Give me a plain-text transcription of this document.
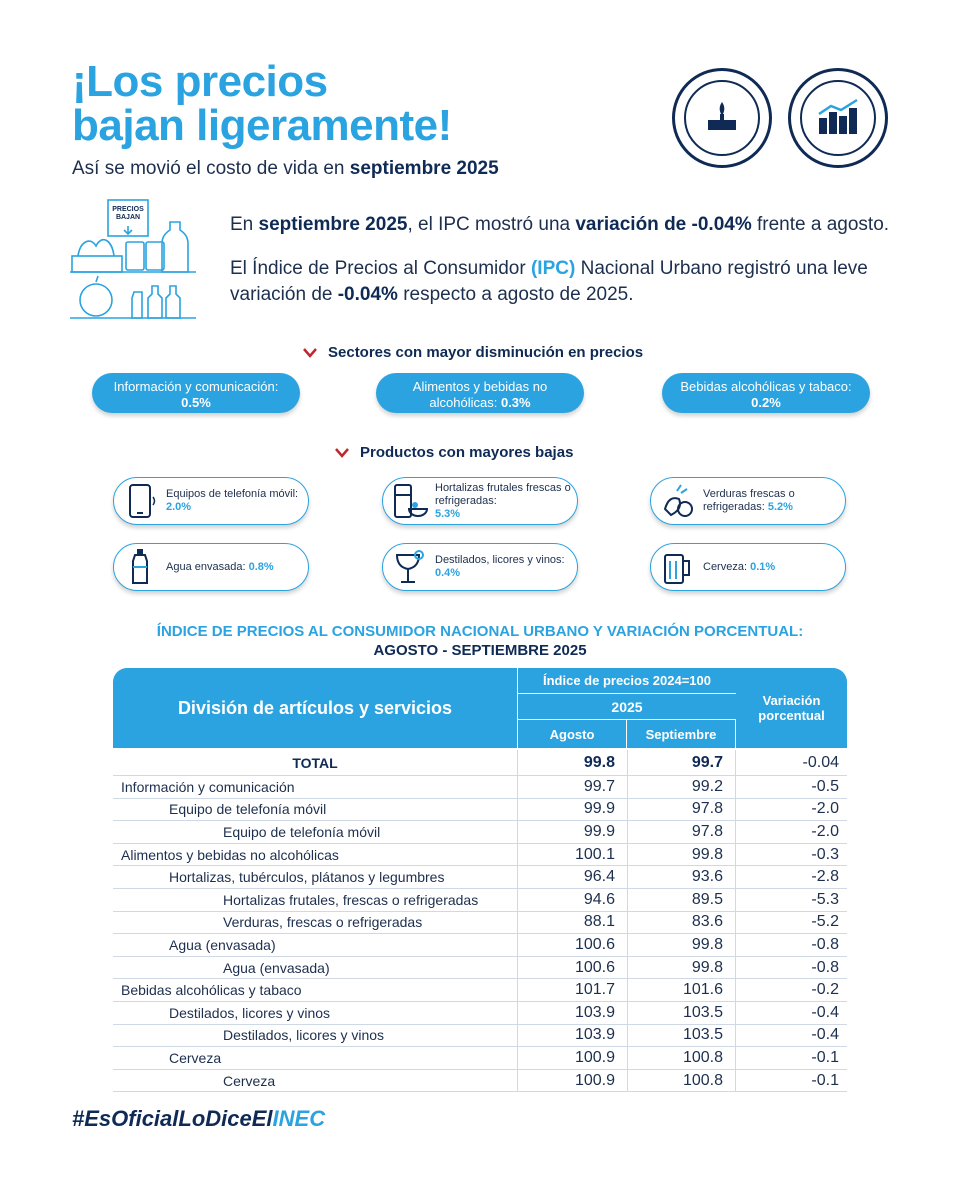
¡Los precios
bajan ligeramente!
Así se movió el costo de vida en septiembre 2025
PRECIOS BAJAN	En septiembre 2025, el IPC mostró una variación de -0.04% frente a agosto.

El Índice de Precios al Consumidor (IPC) Nacional Urbano registró una leve variación de -0.04% respecto a agosto de 2025.

Sectores con mayor disminución en precios
Información y comunicación:
0.5%
Alimentos y bebidas no alcohólicas: 0.3%
Bebidas alcohólicas y tabaco:
0.2%
Productos con mayores bajas
Equipos de telefonía móvil: 2.0%
Hortalizas frutales frescas o refrigeradas:
5.3%
Verduras frescas o refrigeradas: 5.2%
Agua envasada: 0.8%
Destilados, licores y vinos: 0.4%
Cerveza: 0.1%
ÍNDICE DE PRECIOS AL CONSUMIDOR NACIONAL URBANO Y VARIACIÓN PORCENTUAL:
AGOSTO - SEPTIEMBRE 2025
División de artículos y servicios
Índice de precios 2024=100
2025
Agosto	Septiembre
Variación porcentual
TOTAL	99.8	99.7	-0.04
Información y comunicación	99.7	99.2	-0.5
Equipo de telefonía móvil	99.9	97.8	-2.0
Equipo de telefonía móvil	99.9	97.8	-2.0
Alimentos y bebidas no alcohólicas	100.1	99.8	-0.3
Hortalizas, tubérculos, plátanos y legumbres	96.4	93.6	-2.8
Hortalizas frutales, frescas o refrigeradas	94.6	89.5	-5.3
Verduras, frescas o refrigeradas	88.1	83.6	-5.2
Agua (envasada)	100.6	99.8	-0.8
Agua (envasada)	100.6	99.8	-0.8
Bebidas alcohólicas y tabaco	101.7	101.6	-0.2
Destilados, licores y vinos	103.9	103.5	-0.4
Destilados, licores y vinos	103.9	103.5	-0.4
Cerveza	100.9	100.8	-0.1
Cerveza	100.9	100.8	-0.1
#EsOficialLoDiceElINEC
